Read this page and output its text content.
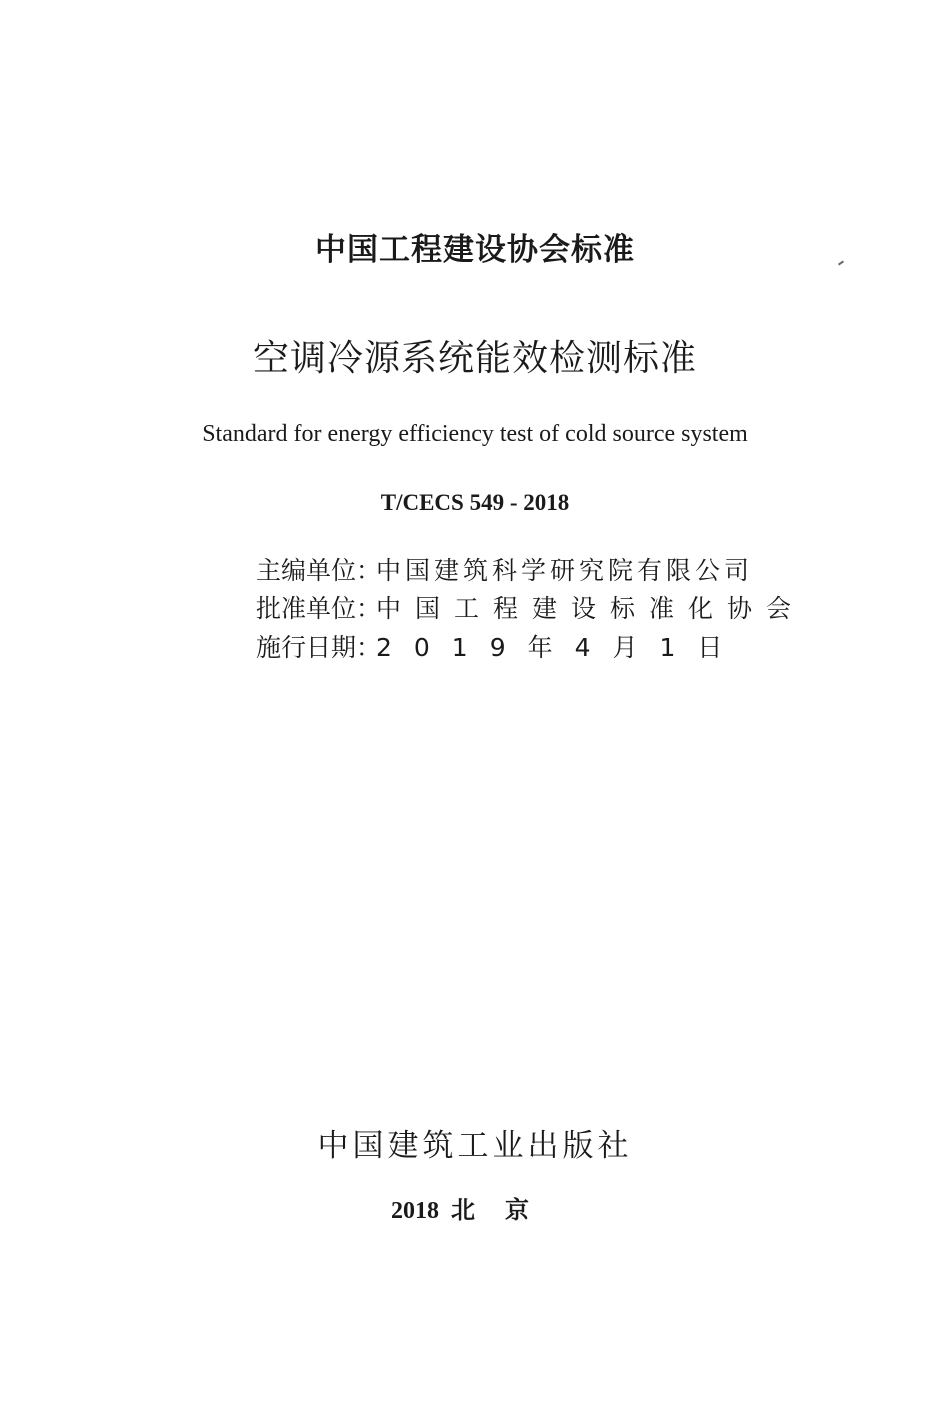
中国工程建设协会标准
空调冷源系统能效检测标准
Standard for energy efficiency test of cold source system
T/CECS 549 - 2018
主编单位：中国建筑科学研究院有限公司
批准单位：中国工程建设标准化协会
施行日期：2019年4月1日
中国建筑工业出版社
2018 北京
